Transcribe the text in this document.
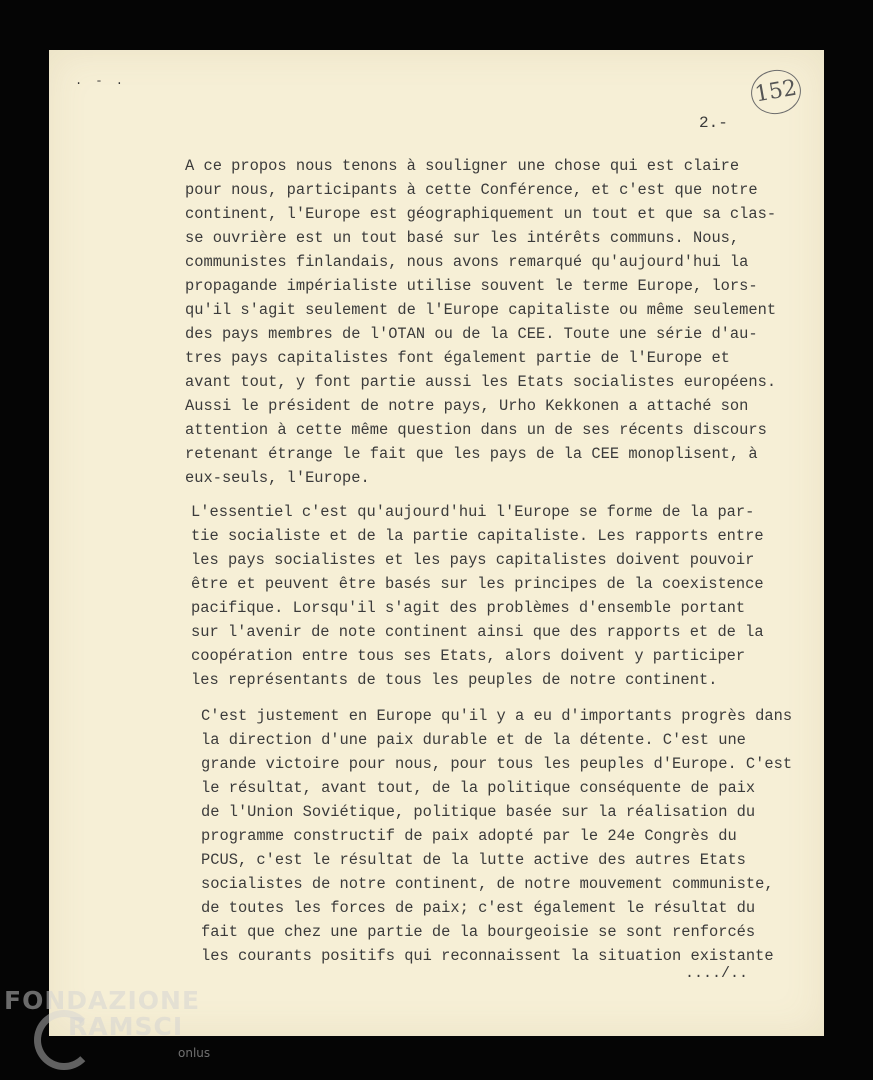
. - .	152
2.-
A ce propos nous tenons à souligner une chose qui est claire
pour nous, participants à cette Conférence, et c'est que notre
continent, l'Europe est géographiquement un tout et que sa clas-
se ouvrière est un tout basé sur les intérêts communs. Nous,
communistes finlandais, nous avons remarqué qu'aujourd'hui la
propagande impérialiste utilise souvent le terme Europe, lors-
qu'il s'agit seulement de l'Europe capitaliste ou même seulement
des pays membres de l'OTAN ou de la CEE. Toute une série d'au-
tres pays capitalistes font également partie de l'Europe et
avant tout, y font partie aussi les Etats socialistes européens.
Aussi le président de notre pays, Urho Kekkonen a attaché son
attention à cette même question dans un de ses récents discours
retenant étrange le fait que les pays de la CEE monoplisent, à
eux-seuls, l'Europe.
L'essentiel c'est qu'aujourd'hui l'Europe se forme de la par-
tie socialiste et de la partie capitaliste. Les rapports entre
les pays socialistes et les pays capitalistes doivent pouvoir
être et peuvent être basés sur les principes de la coexistence
pacifique. Lorsqu'il s'agit des problèmes d'ensemble portant
sur l'avenir de note continent ainsi que des rapports et de la
coopération entre tous ses Etats, alors doivent y participer
les représentants de tous les peuples de notre continent.
C'est justement en Europe qu'il y a eu d'importants progrès dans
la direction d'une paix durable et de la détente. C'est une
grande victoire pour nous, pour tous les peuples d'Europe. C'est
le résultat, avant tout, de la politique conséquente de paix
de l'Union Soviétique, politique basée sur la réalisation du
programme constructif de paix adopté par le 24e Congrès du
PCUS, c'est le résultat de la lutte active des autres Etats
socialistes de notre continent, de notre mouvement communiste,
de toutes les forces de paix; c'est également le résultat du
fait que chez une partie de la bourgeoisie se sont renforcés
les courants positifs qui reconnaissent la situation existante
..../..
FONDAZIONE
RAMSCI
onlus
